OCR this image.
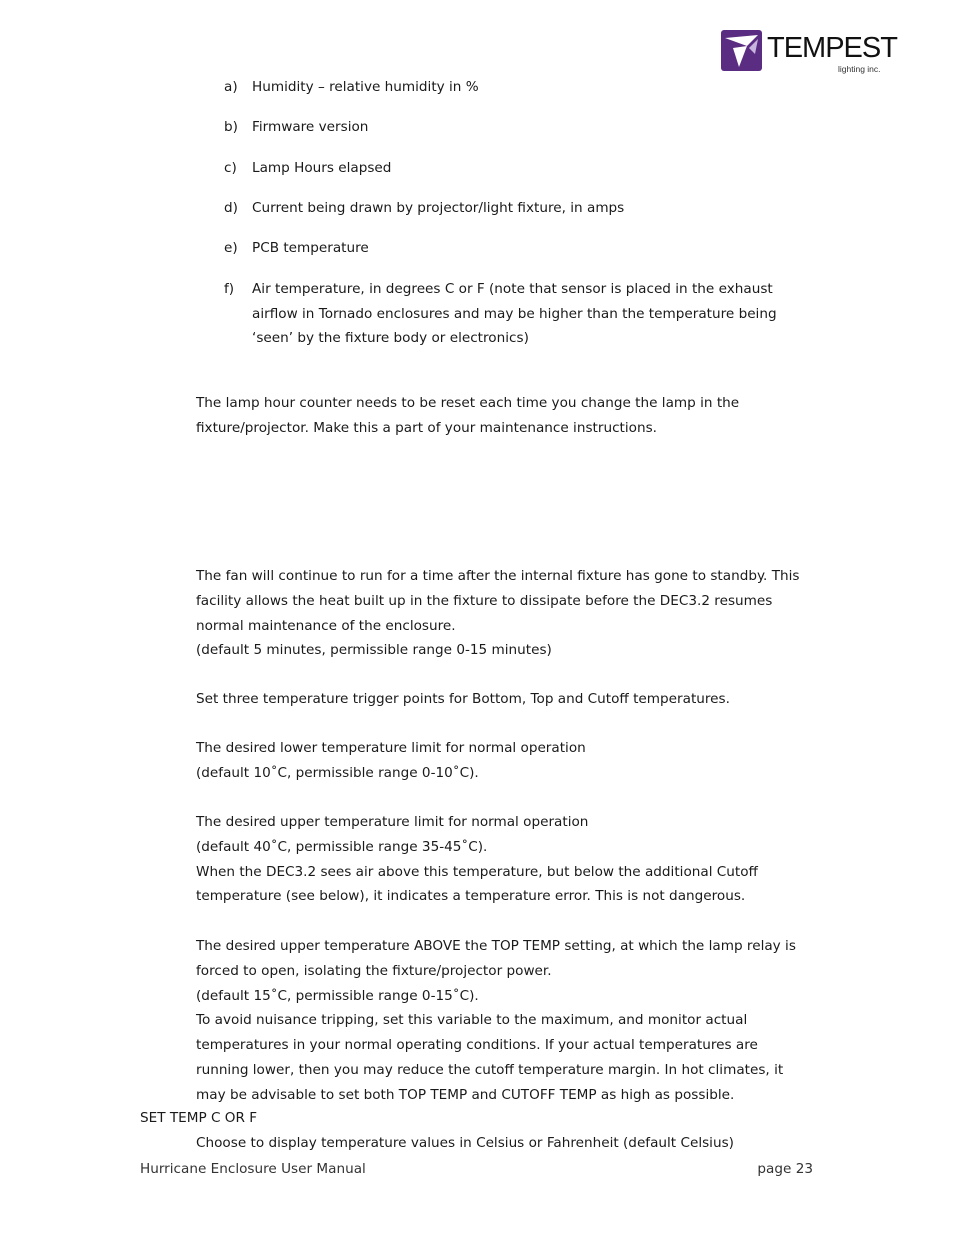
TEMPEST
lighting inc.
a) Humidity – relative humidity in %
b) Firmware version
c) Lamp Hours elapsed
d) Current being drawn by projector/light fixture, in amps
e) PCB temperature
f) Air temperature, in degrees C or F (note that sensor is placed in the exhaust
airflow in Tornado enclosures and may be higher than the temperature being
‘seen’ by the fixture body or electronics)
The lamp hour counter needs to be reset each time you change the lamp in the
fixture/projector. Make this a part of your maintenance instructions.
The fan will continue to run for a time after the internal fixture has gone to standby. This
facility allows the heat built up in the fixture to dissipate before the DEC3.2 resumes
normal maintenance of the enclosure.
(default 5 minutes, permissible range 0-15 minutes)
Set three temperature trigger points for Bottom, Top and Cutoff temperatures.
The desired lower temperature limit for normal operation
(default 10˚C, permissible range 0-10˚C).
The desired upper temperature limit for normal operation
(default 40˚C, permissible range 35-45˚C).
When the DEC3.2 sees air above this temperature, but below the additional Cutoff
temperature (see below), it indicates a temperature error. This is not dangerous.
The desired upper temperature ABOVE the TOP TEMP setting, at which the lamp relay is
forced to open, isolating the fixture/projector power.
(default 15˚C, permissible range 0-15˚C).
To avoid nuisance tripping, set this variable to the maximum, and monitor actual
temperatures in your normal operating conditions. If your actual temperatures are
running lower, then you may reduce the cutoff temperature margin. In hot climates, it
may be advisable to set both TOP TEMP and CUTOFF TEMP as high as possible.
SET TEMP C OR F
Choose to display temperature values in Celsius or Fahrenheit (default Celsius)
Hurricane Enclosure User Manual	page 23
